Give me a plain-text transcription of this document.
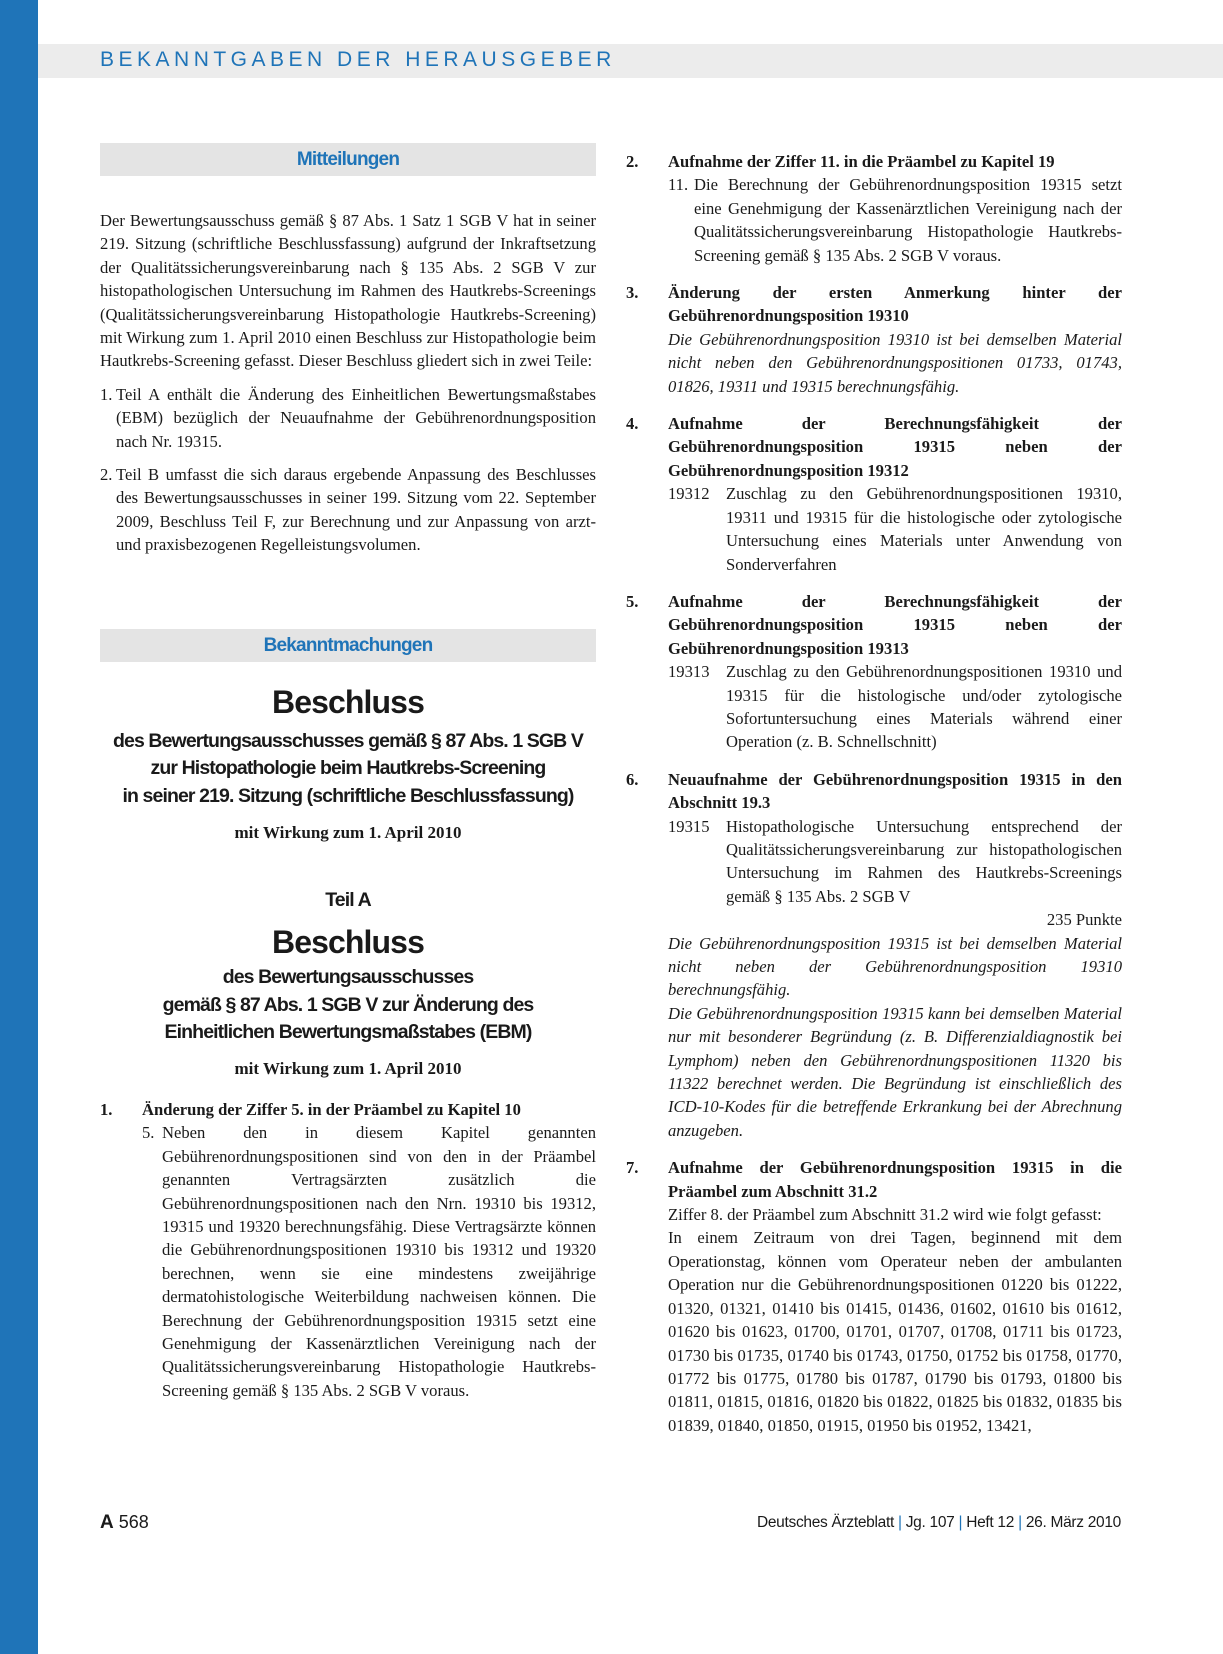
BEKANNTGABEN DER HERAUSGEBER
Mitteilungen

Der Bewertungsausschuss gemäß § 87 Abs. 1 Satz 1 SGB V hat in seiner 219. Sitzung (schriftliche Beschlussfassung) aufgrund der Inkraftsetzung der Qualitätssicherungsvereinbarung nach § 135 Abs. 2 SGB V zur histopathologischen Untersuchung im Rahmen des Hautkrebs-Screenings (Qualitätssicherungsvereinbarung Histopathologie Hautkrebs-Screening) mit Wirkung zum 1. April 2010 einen Beschluss zur Histopathologie beim Hautkrebs-Screening gefasst. Dieser Beschluss gliedert sich in zwei Teile:

1. Teil A enthält die Änderung des Einheitlichen Bewertungsmaßstabes (EBM) bezüglich der Neuaufnahme der Gebührenordnungsposition nach Nr. 19315.
2. Teil B umfasst die sich daraus ergebende Anpassung des Beschlusses des Bewertungsausschusses in seiner 199. Sitzung vom 22. September 2009, Beschluss Teil F, zur Berechnung und zur Anpassung von arzt- und praxisbezogenen Regelleistungsvolumen.
Bekanntmachungen
Beschluss
des Bewertungsausschusses gemäß § 87 Abs. 1 SGB V
zur Histopathologie beim Hautkrebs-Screening
in seiner 219. Sitzung (schriftliche Beschlussfassung)
mit Wirkung zum 1. April 2010
Teil A
Beschluss
des Bewertungsausschusses
gemäß § 87 Abs. 1 SGB V zur Änderung des
Einheitlichen Bewertungsmaßstabes (EBM)
mit Wirkung zum 1. April 2010
1.	Änderung der Ziffer 5. in der Präambel zu Kapitel 10
5. Neben den in diesem Kapitel genannten Gebührenordnungspositionen sind von den in der Präambel genannten Vertragsärzten zusätzlich die Gebührenordnungspositionen nach den Nrn. 19310 bis 19312, 19315 und 19320 berechnungsfähig. Diese Vertragsärzte können die Gebührenordnungspositionen 19310 bis 19312 und 19320 berechnen, wenn sie eine mindestens zweijährige dermatohistologische Weiterbildung nachweisen können. Die Berechnung der Gebührenordnungsposition 19315 setzt eine Genehmigung der Kassenärztlichen Vereinigung nach der Qualitätssicherungsvereinbarung Histopathologie Hautkrebs-Screening gemäß § 135 Abs. 2 SGB V voraus.
2.	Aufnahme der Ziffer 11. in die Präambel zu Kapitel 19
11. Die Berechnung der Gebührenordnungsposition 19315 setzt eine Genehmigung der Kassenärztlichen Vereinigung nach der Qualitätssicherungsvereinbarung Histopathologie Hautkrebs-Screening gemäß § 135 Abs. 2 SGB V voraus.
3.	Änderung der ersten Anmerkung hinter der Gebührenordnungsposition 19310
Die Gebührenordnungsposition 19310 ist bei demselben Material nicht neben den Gebührenordnungspositionen 01733, 01743, 01826, 19311 und 19315 berechnungsfähig.
4.	Aufnahme der Berechnungsfähigkeit der Gebührenordnungsposition 19315 neben der Gebührenordnungsposition 19312
19312 Zuschlag zu den Gebührenordnungspositionen 19310, 19311 und 19315 für die histologische oder zytologische Untersuchung eines Materials unter Anwendung von Sonderverfahren
5.	Aufnahme der Berechnungsfähigkeit der Gebührenordnungsposition 19315 neben der Gebührenordnungsposition 19313
19313 Zuschlag zu den Gebührenordnungspositionen 19310 und 19315 für die histologische und/oder zytologische Sofortuntersuchung eines Materials während einer Operation (z. B. Schnellschnitt)
6.	Neuaufnahme der Gebührenordnungsposition 19315 in den Abschnitt 19.3
19315 Histopathologische Untersuchung entsprechend der Qualitätssicherungsvereinbarung zur histopathologischen Untersuchung im Rahmen des Hautkrebs-Screenings gemäß § 135 Abs. 2 SGB V
235 Punkte
Die Gebührenordnungsposition 19315 ist bei demselben Material nicht neben der Gebührenordnungsposition 19310 berechnungsfähig.
Die Gebührenordnungsposition 19315 kann bei demselben Material nur mit besonderer Begründung (z. B. Differenzialdiagnostik bei Lymphom) neben den Gebührenordnungspositionen 11320 bis 11322 berechnet werden. Die Begründung ist einschließlich des ICD-10-Kodes für die betreffende Erkrankung bei der Abrechnung anzugeben.
7.	Aufnahme der Gebührenordnungsposition 19315 in die Präambel zum Abschnitt 31.2
Ziffer 8. der Präambel zum Abschnitt 31.2 wird wie folgt gefasst:
In einem Zeitraum von drei Tagen, beginnend mit dem Operationstag, können vom Operateur neben der ambulanten Operation nur die Gebührenordnungspositionen 01220 bis 01222, 01320, 01321, 01410 bis 01415, 01436, 01602, 01610 bis 01612, 01620 bis 01623, 01700, 01701, 01707, 01708, 01711 bis 01723, 01730 bis 01735, 01740 bis 01743, 01750, 01752 bis 01758, 01770, 01772 bis 01775, 01780 bis 01787, 01790 bis 01793, 01800 bis 01811, 01815, 01816, 01820 bis 01822, 01825 bis 01832, 01835 bis 01839, 01840, 01850, 01915, 01950 bis 01952, 13421,
A 568	Deutsches Ärzteblatt | Jg. 107 | Heft 12 | 26. März 2010
